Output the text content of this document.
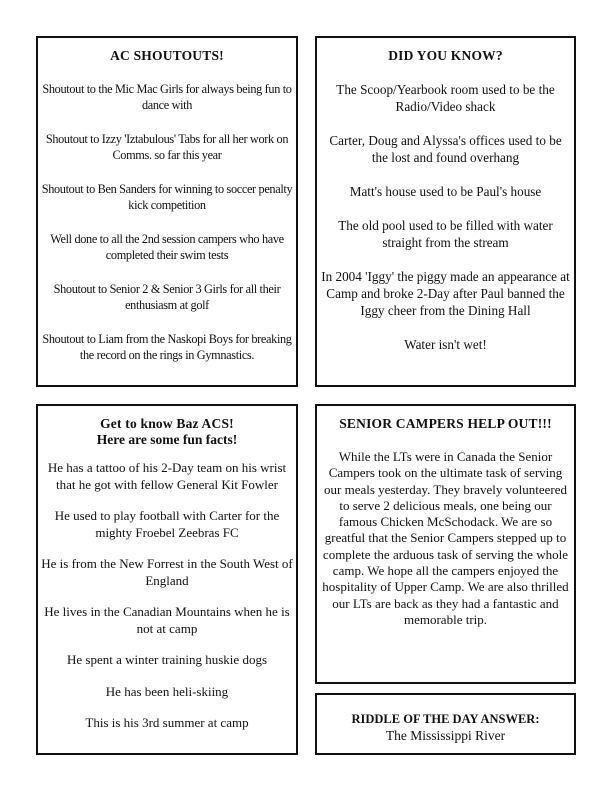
AC SHOUTOUTS!

Shoutout to the Mic Mac Girls for always being fun to dance with

Shoutout to Izzy 'Iztabulous' Tabs for all her work on Comms. so far this year

Shoutout to Ben Sanders for winning to soccer penalty kick competition

Well done to all the 2nd session campers who have completed their swim tests

Shoutout to Senior 2 & Senior 3 Girls for all their enthusiasm at golf

Shoutout to Liam from the Naskopi Boys for breaking the record on the rings in Gymnastics.

DID YOU KNOW?

The Scoop/Yearbook room used to be the Radio/Video shack

Carter, Doug and Alyssa's offices used to be the lost and found overhang

Matt's house used to be Paul's house

The old pool used to be filled with water straight from the stream

In 2004 'Iggy' the piggy made an appearance at Camp and broke 2-Day after Paul banned the Iggy cheer from the Dining Hall

Water isn't wet!

Get to know Baz ACS!
Here are some fun facts!

He has a tattoo of his 2-Day team on his wrist that he got with fellow General Kit Fowler

He used to play football with Carter for the mighty Froebel Zeebras FC

He is from the New Forrest in the South West of England

He lives in the Canadian Mountains when he is not at camp

He spent a winter training huskie dogs

He has been heli-skiing

This is his 3rd summer at camp

SENIOR CAMPERS HELP OUT!!!

While the LTs were in Canada the Senior Campers took on the ultimate task of serving our meals yesterday. They bravely volunteered to serve 2 delicious meals, one being our famous Chicken McSchodack. We are so greatful that the Senior Campers stepped up to complete the arduous task of serving the whole camp. We hope all the campers enjoyed the hospitality of Upper Camp. We are also thrilled our LTs are back as they had a fantastic and memorable trip.

RIDDLE OF THE DAY ANSWER:
The Mississippi River
